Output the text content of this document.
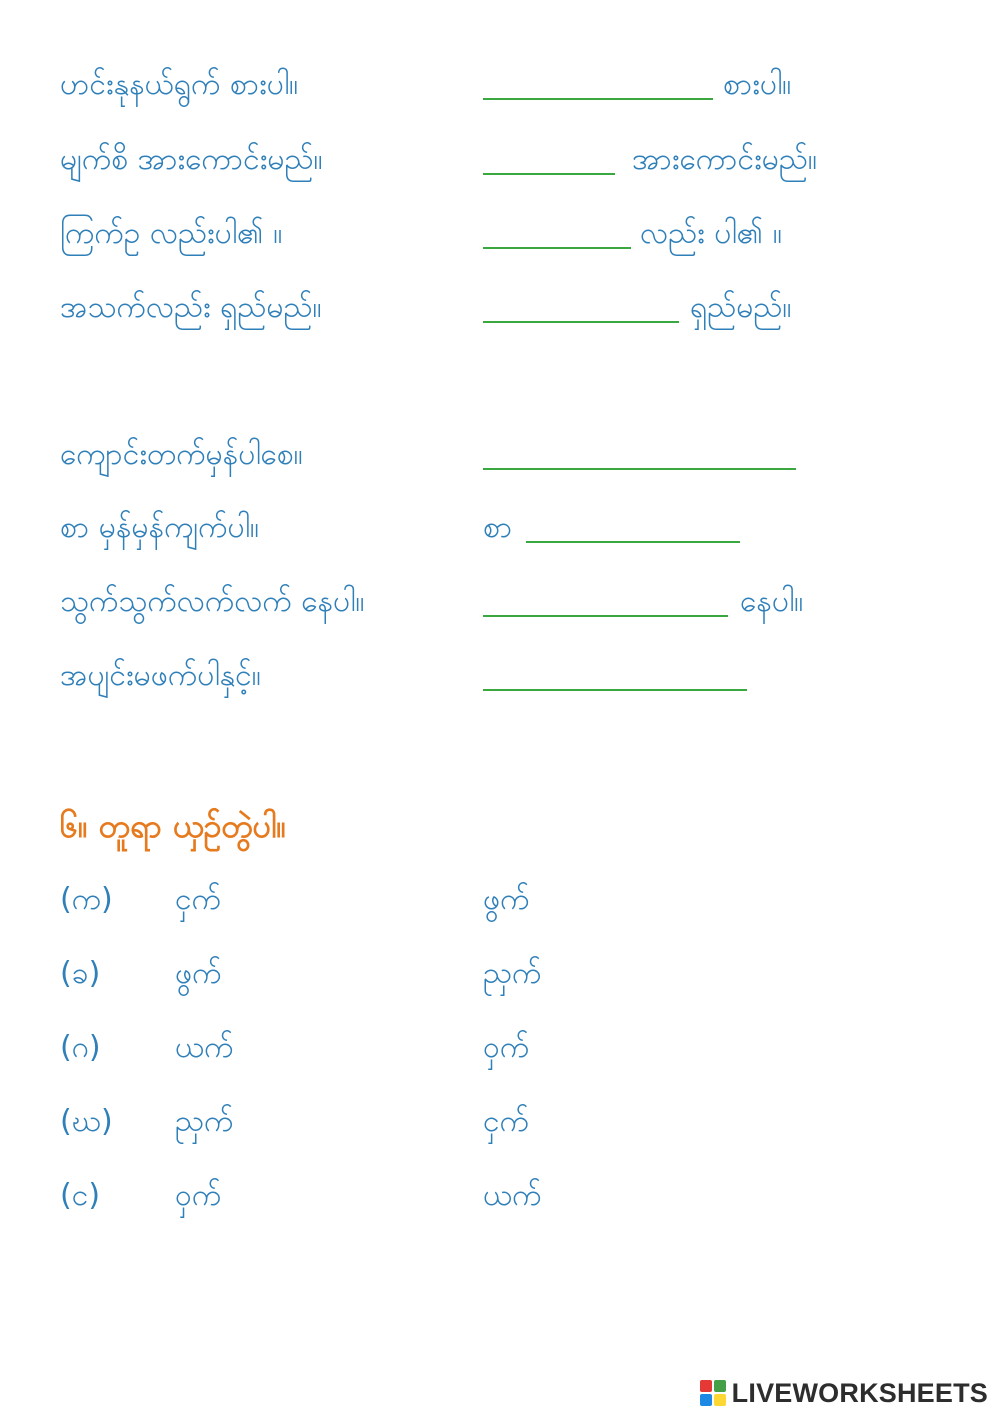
ဟင်းနုနယ်ရွက် စားပါ။	စားပါ။
မျက်စိ အားကောင်းမည်။	အားကောင်းမည်။
ကြက်ဥ လည်းပါ၏ ။	လည်း ပါ၏ ။
အသက်လည်း ရှည်မည်။	ရှည်မည်။
ကျောင်းတက်မှန်ပါစေ။
စာ မှန်မှန်ကျက်ပါ။	စာ
သွက်သွက်လက်လက် နေပါ။	နေပါ။
အပျင်းမဖက်ပါနှင့်။
၆။ တူရာ ယှဉ်တွဲပါ။
(က) ငှက်	ဖွက်
(ခ) ဖွက်	ညှက်
(ဂ) ယက်	ဝှက်
(ဃ) ညှက်	ငှက်
(င) ဝှက်	ယက်
LIVEWORKSHEETS
